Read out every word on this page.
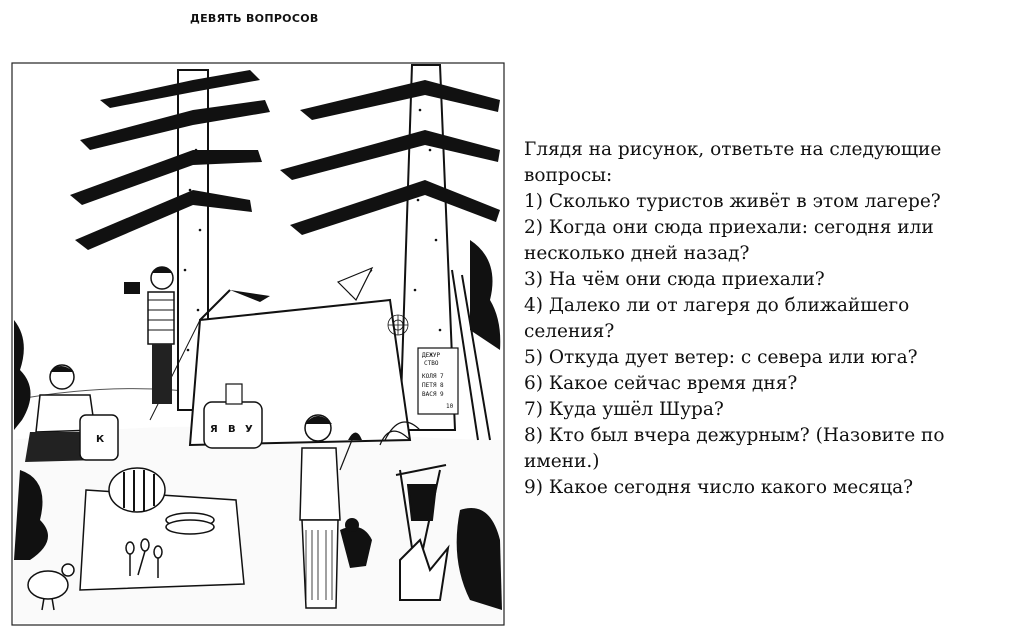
ДЕЖУР
СТВО
КОЛЯ 7
ПЕТЯ 8
ВАСЯ 9
10
К
Я В У
ДЕВЯТЬ ВОПРОСОВ

Глядя на рисунок, ответьте на следующие вопросы:

1) Сколько туристов живёт в этом лагере?
2) Когда они сюда приехали: сегодня или несколько дней назад?
3) На чём они сюда приехали?
4) Далеко ли от лагеря до ближайшего селения?
5) Откуда дует ветер: с севера или юга?
6) Какое сейчас время дня?
7) Куда ушёл Шура?
8) Кто был вчера дежурным? (Назовите по имени.)
9) Какое сегодня число какого месяца?
